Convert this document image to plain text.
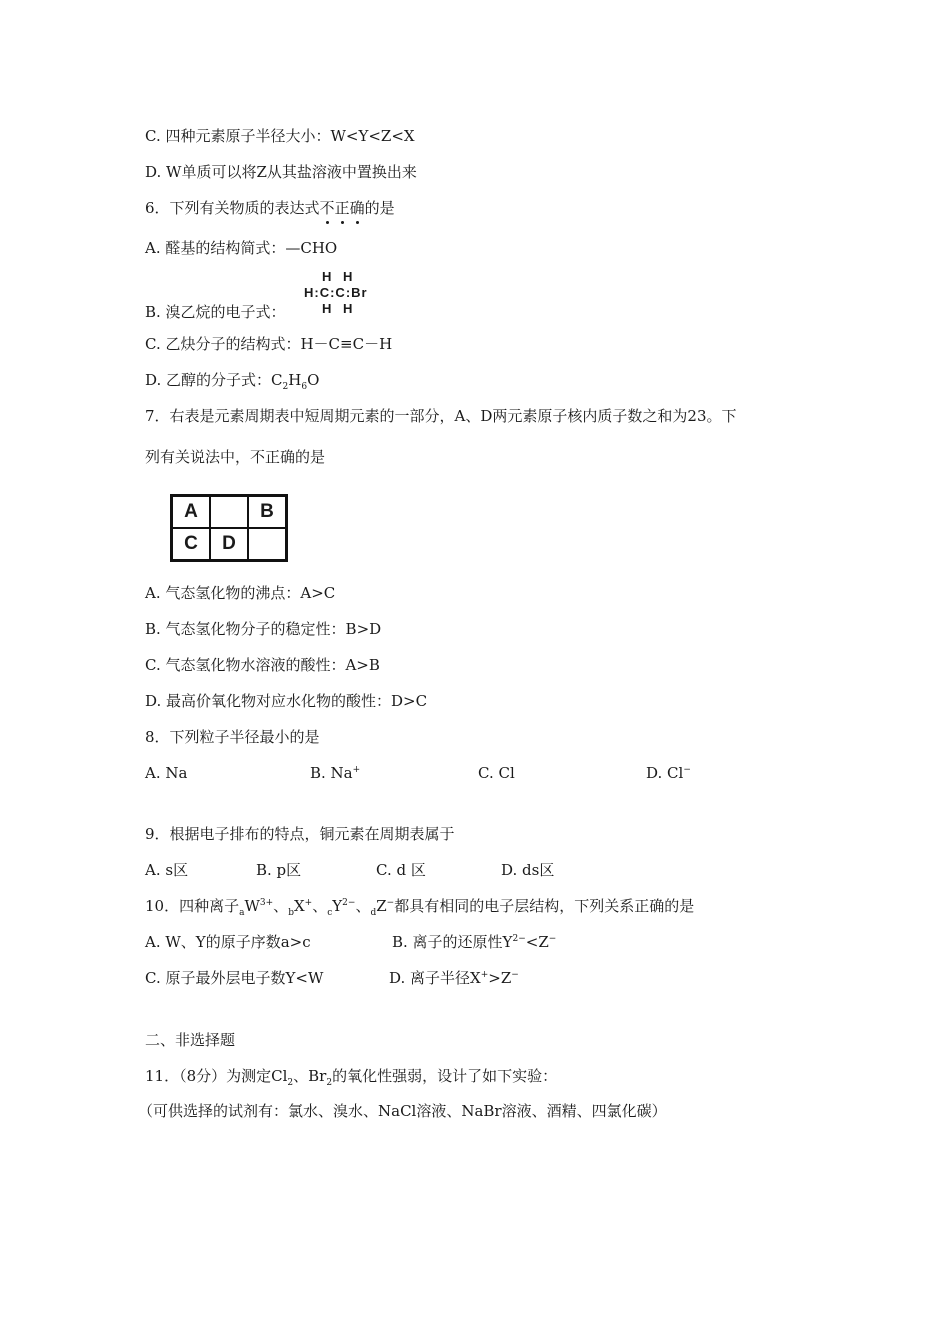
C. 四种元素原子半径大小：W<Y<Z<X
D. W单质可以将Z从其盐溶液中置换出来
6．下列有关物质的表达式不正确的是
A. 醛基的结构简式：—CHO
B. 溴乙烷的电子式：
H H
H:C:C:Br
H H
C. 乙炔分子的结构式：H－C≡C－H
D. 乙醇的分子式：$C_2H_6O$
7．右表是元素周期表中短周期元素的一部分，A、D两元素原子核内质子数之和为23。下
列有关说法中，不正确的是
A		B
C	D	
A. 气态氢化物的沸点：A>C
B. 气态氢化物分子的稳定性：B>D
C. 气态氢化物水溶液的酸性：A>B
D. 最高价氧化物对应水化物的酸性：D>C
8．下列粒子半径最小的是
A. Na	B. Na+	C. Cl	D. Cl−
9．根据电子排布的特点，铜元素在周期表属于
A. s区	B. p区	C. d 区	D. ds区
10．四种离子$_aW^{3+}$、$_b$X+、$_cY^{2-}$、$_d$Z−都具有相同的电子层结构，下列关系正确的是
A. W、Y的原子序数a>c	B. 离子的还原性$Y^{2-}<Z^-$
C. 原子最外层电子数Y<W	D. 离子半径X+>Z−
二、非选择题
11．（8分）为测定$Cl_2$、$Br_2$的氧化性强弱，设计了如下实验：
（可供选择的试剂有：氯水、溴水、NaCl溶液、NaBr溶液、酒精、四氯化碳）
